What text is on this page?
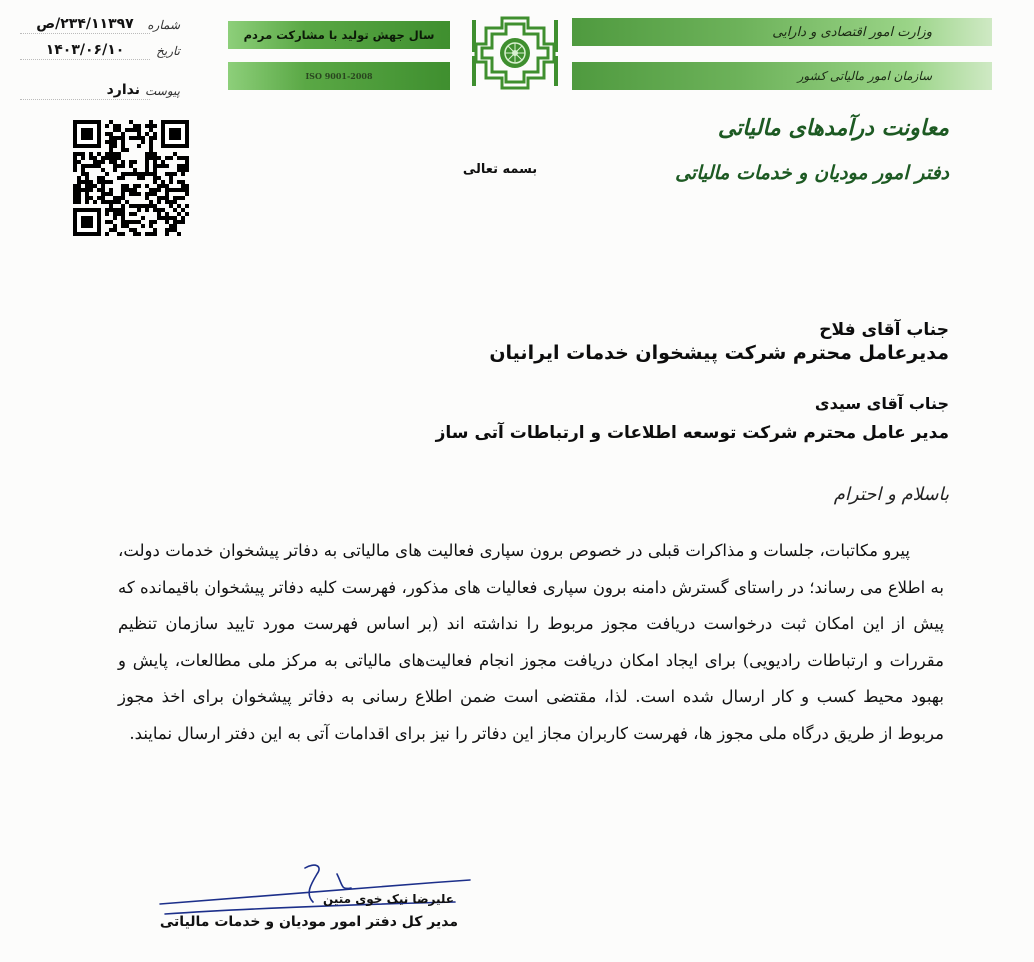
شماره
۲۳۴/۱۱۳۹۷/ص
تاریخ
۱۴۰۳/۰۶/۱۰
پیوست
ندارد
سال جهش تولید با مشارکت مردم
ISO 9001-2008
وزارت امور اقتصادی و دارایی
سازمان امور مالیاتی کشور
معاونت درآمدهای مالیاتی
دفتر امور مودیان و خدمات مالیاتی
بسمه تعالی
جناب آقای فلاح
مدیرعامل محترم شرکت پیشخوان خدمات ایرانیان
جناب آقای سیدی
مدیر عامل محترم شرکت توسعه اطلاعات و ارتباطات آتی ساز
باسلام و احترام
پیرو مکاتبات، جلسات و مذاکرات قبلی در خصوص برون سپاری فعالیت های مالیاتی به دفاتر پیشخوان خدمات دولت، به اطلاع می رساند؛ در راستای گسترش دامنه برون سپاری فعالیات های مذکور، فهرست کلیه دفاتر پیشخوان باقیمانده که پیش از این امکان ثبت درخواست دریافت مجوز مربوط را نداشته اند (بر اساس فهرست مورد تایید سازمان تنظیم مقررات و ارتباطات رادیویی) برای ایجاد امکان دریافت مجوز انجام فعالیت‌های مالیاتی به مرکز ملی مطالعات، پایش و بهبود محیط کسب و کار ارسال شده است. لذا، مقتضی است ضمن اطلاع رسانی به دفاتر پیشخوان برای اخذ مجوز مربوط از طریق درگاه ملی مجوز ها، فهرست کاربران مجاز این دفاتر را نیز برای اقدامات آتی به این دفتر ارسال نمایند.
علیرضا نیک خوی متین
مدیر کل دفتر امور مودیان و خدمات مالیاتی
